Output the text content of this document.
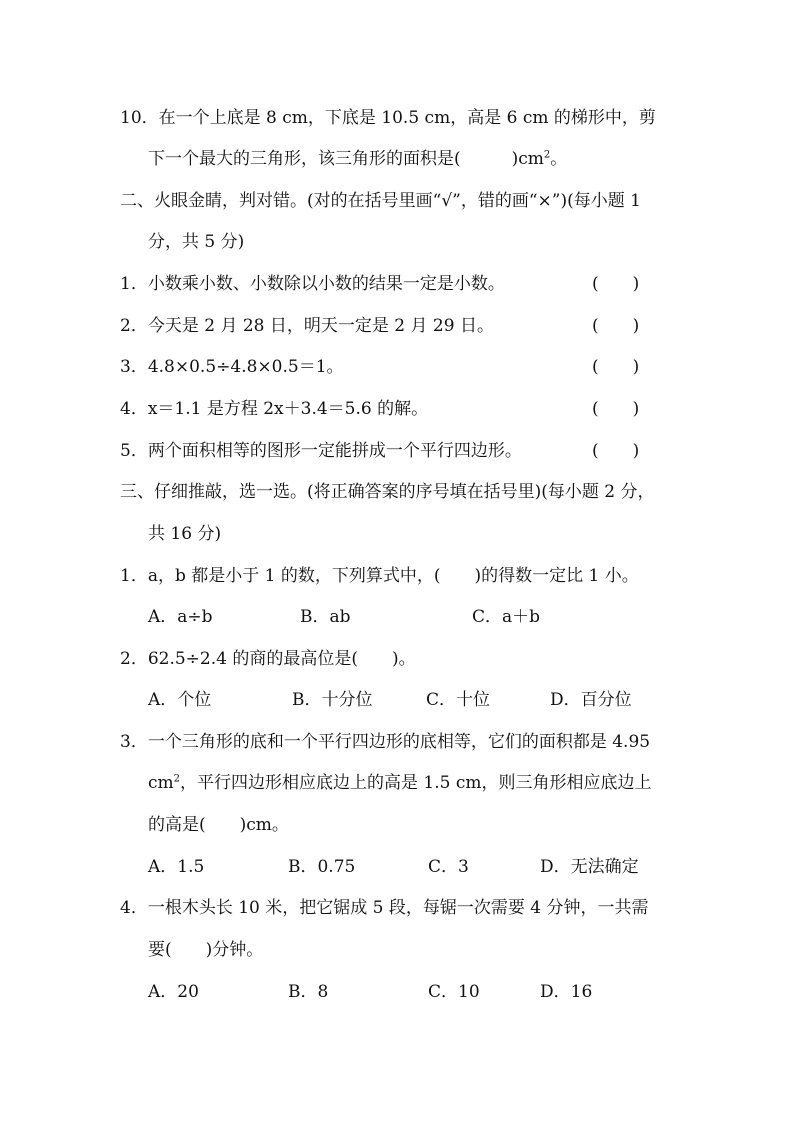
10．在一个上底是 8 cm，下底是 10.5 cm，高是 6 cm 的梯形中，剪
下一个最大的三角形，该三角形的面积是(　　　)$cm^2$。
二、火眼金睛，判对错。(对的在括号里画“√”，错的画“×”)(每小题 1
分，共 5 分)
1．小数乘小数、小数除以小数的结果一定是小数。	(　　)
2．今天是 2 月 28 日，明天一定是 2 月 29 日。	(　　)
3．4.8×0.5÷4.8×0.5＝1。	(　　)
4．x＝1.1 是方程 2x＋3.4＝5.6 的解。	(　　)
5．两个面积相等的图形一定能拼成一个平行四边形。	(　　)
三、仔细推敲，选一选。(将正确答案的序号填在括号里)(每小题 2 分，
共 16 分)
1．a，b 都是小于 1 的数，下列算式中，(　　)的得数一定比 1 小。
A．a÷b	B．ab	C．a＋b
2．62.5÷2.4 的商的最高位是(　　)。
A．个位	B．十分位	C．十位	D．百分位
3．一个三角形的底和一个平行四边形的底相等，它们的面积都是 4.95
$cm^2$，平行四边形相应底边上的高是 1.5 cm，则三角形相应底边上
的高是(　　)cm。
A．1.5	B．0.75	C．3	D．无法确定
4．一根木头长 10 米，把它锯成 5 段，每锯一次需要 4 分钟，一共需
要(　　)分钟。
A．20	B．8	C．10	D．16
